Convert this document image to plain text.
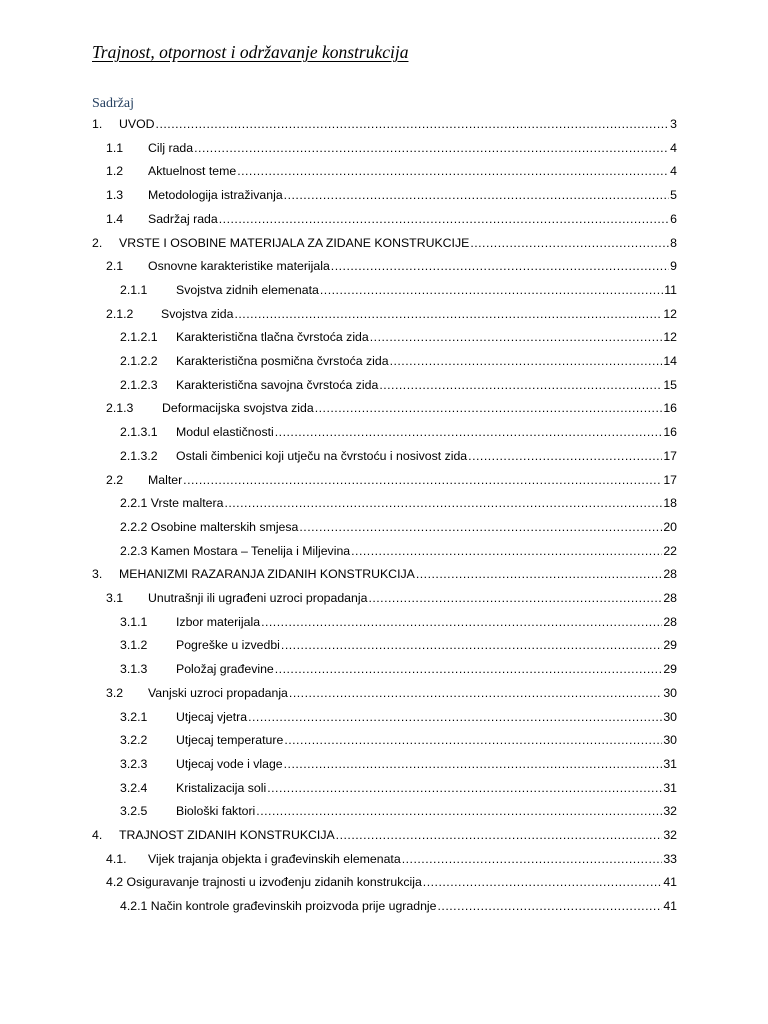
Trajnost, otpornost i održavanje konstrukcija
Sadržaj
1.	UVOD .....	3
1.1	Cilj rada .....	4
1.2	Aktuelnost teme .....	4
1.3	Metodologija istraživanja .....	5
1.4	Sadržaj rada .....	6
2.	VRSTE I OSOBINE MATERIJALA ZA ZIDANE KONSTRUKCIJE .....	8
2.1	Osnovne karakteristike materijala .....	9
2.1.1	Svojstva zidnih elemenata .....	11
2.1.2	Svojstva zida .....	12
2.1.2.1	Karakteristična tlačna čvrstoća zida .....	12
2.1.2.2	Karakteristična posmična čvrstoća zida .....	14
2.1.2.3	Karakteristična savojna čvrstoća zida .....	15
2.1.3	Deformacijska svojstva zida .....	16
2.1.3.1	Modul elastičnosti .....	16
2.1.3.2	Ostali čimbenici koji utječu na čvrstoću i nosivost zida .....	17
2.2	Malter .....	17
2.2.1 Vrste maltera .....	18
2.2.2 Osobine malterskih smjesa .....	20
2.2.3 Kamen Mostara – Tenelija i Miljevina .....	22
3.	MEHANIZMI RAZARANJA ZIDANIH KONSTRUKCIJA .....	28
3.1	Unutrašnji ili ugrađeni uzroci propadanja .....	28
3.1.1	Izbor materijala .....	28
3.1.2	Pogreške u izvedbi .....	29
3.1.3	Položaj građevine .....	29
3.2	Vanjski uzroci propadanja .....	30
3.2.1	Utjecaj vjetra .....	30
3.2.2	Utjecaj temperature .....	30
3.2.3	Utjecaj vode i vlage .....	31
3.2.4	Kristalizacija soli .....	31
3.2.5	Biološki faktori .....	32
4.	TRAJNOST ZIDANIH KONSTRUKCIJA .....	32
4.1.	Vijek trajanja objekta i građevinskih elemenata .....	33
4.2 Osiguravanje trajnosti u izvođenju zidanih konstrukcija .....	41
4.2.1 Način kontrole građevinskih proizvoda prije ugradnje .....	41
